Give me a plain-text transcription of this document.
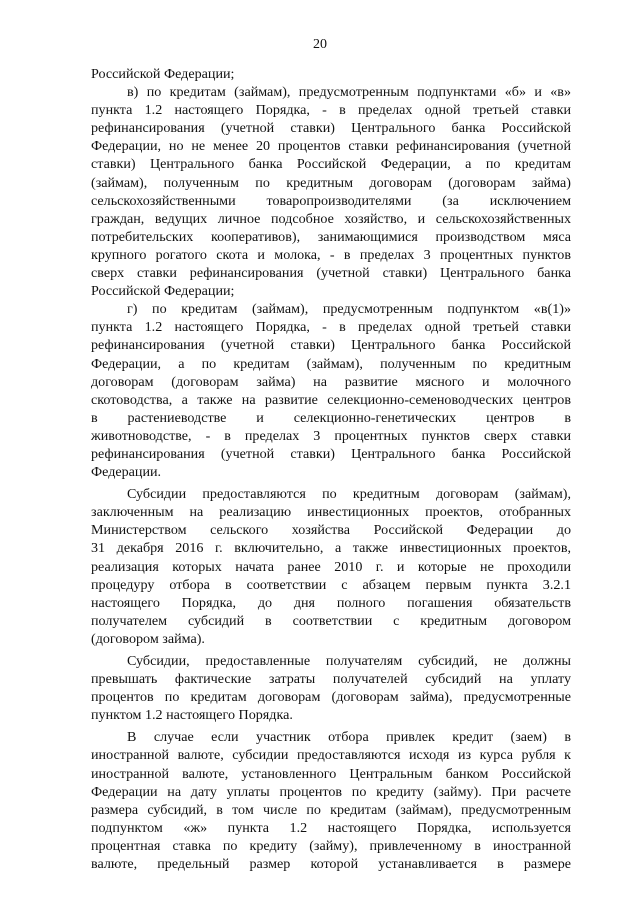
20
Российской Федерации;
в) по кредитам (займам), предусмотренным подпунктами «б» и «в»
пункта 1.2 настоящего Порядка, - в пределах одной третьей ставки
рефинансирования (учетной ставки) Центрального банка Российской
Федерации, но не менее 20 процентов ставки рефинансирования (учетной
ставки) Центрального банка Российской Федерации, а по кредитам
(займам), полученным по кредитным договорам (договорам займа)
сельскохозяйственными товаропроизводителями (за исключением
граждан, ведущих личное подсобное хозяйство, и сельскохозяйственных
потребительских кооперативов), занимающимися производством мяса
крупного рогатого скота и молока, - в пределах 3 процентных пунктов
сверх ставки рефинансирования (учетной ставки) Центрального банка
Российской Федерации;
г) по кредитам (займам), предусмотренным подпунктом «в(1)»
пункта 1.2 настоящего Порядка, - в пределах одной третьей ставки
рефинансирования (учетной ставки) Центрального банка Российской
Федерации, а по кредитам (займам), полученным по кредитным
договорам (договорам займа) на развитие мясного и молочного
скотоводства, а также на развитие селекционно-семеноводческих центров
в растениеводстве и селекционно-генетических центров в
животноводстве, - в пределах 3 процентных пунктов сверх ставки
рефинансирования (учетной ставки) Центрального банка Российской
Федерации.
Субсидии предоставляются по кредитным договорам (займам),
заключенным на реализацию инвестиционных проектов, отобранных
Министерством сельского хозяйства Российской Федерации до
31 декабря 2016 г. включительно, а также инвестиционных проектов,
реализация которых начата ранее 2010 г. и которые не проходили
процедуру отбора в соответствии с абзацем первым пункта 3.2.1
настоящего Порядка, до дня полного погашения обязательств
получателем субсидий в соответствии с кредитным договором
(договором займа).
Субсидии, предоставленные получателям субсидий, не должны
превышать фактические затраты получателей субсидий на уплату
процентов по кредитам договорам (договорам займа), предусмотренные
пунктом 1.2 настоящего Порядка.
В случае если участник отбора привлек кредит (заем) в
иностранной валюте, субсидии предоставляются исходя из курса рубля к
иностранной валюте, установленного Центральным банком Российской
Федерации на дату уплаты процентов по кредиту (займу). При расчете
размера субсидий, в том числе по кредитам (займам), предусмотренным
подпунктом «ж» пункта 1.2 настоящего Порядка, используется
процентная ставка по кредиту (займу), привлеченному в иностранной
валюте, предельный размер которой устанавливается в размере
